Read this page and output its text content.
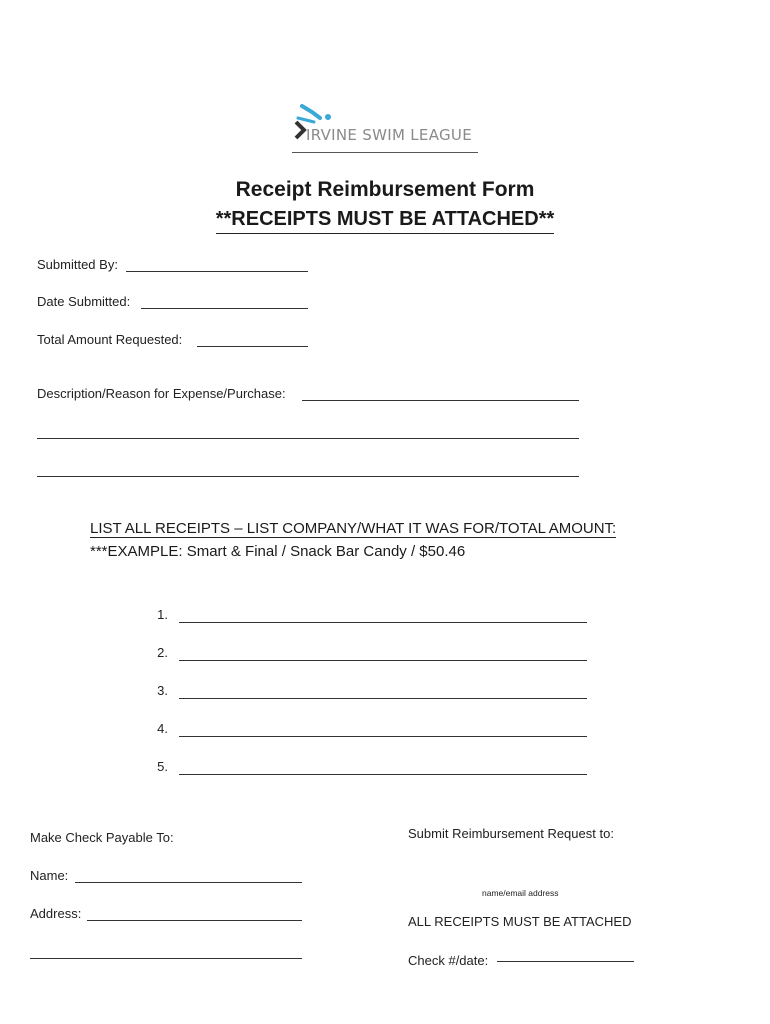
IRVINE SWIM LEAGUE
Receipt Reimbursement Form
**RECEIPTS MUST BE ATTACHED**
Submitted By:
Date Submitted:
Total Amount Requested:
Description/Reason for Expense/Purchase:
LIST ALL RECEIPTS – LIST COMPANY/WHAT IT WAS FOR/TOTAL AMOUNT:
***EXAMPLE: Smart & Final / Snack Bar Candy / $50.46
1.
2.
3.
4.
5.
Make Check Payable To:
Name:
Address:
Submit Reimbursement Request to:
name/email address
ALL RECEIPTS MUST BE ATTACHED
Check #/date:
